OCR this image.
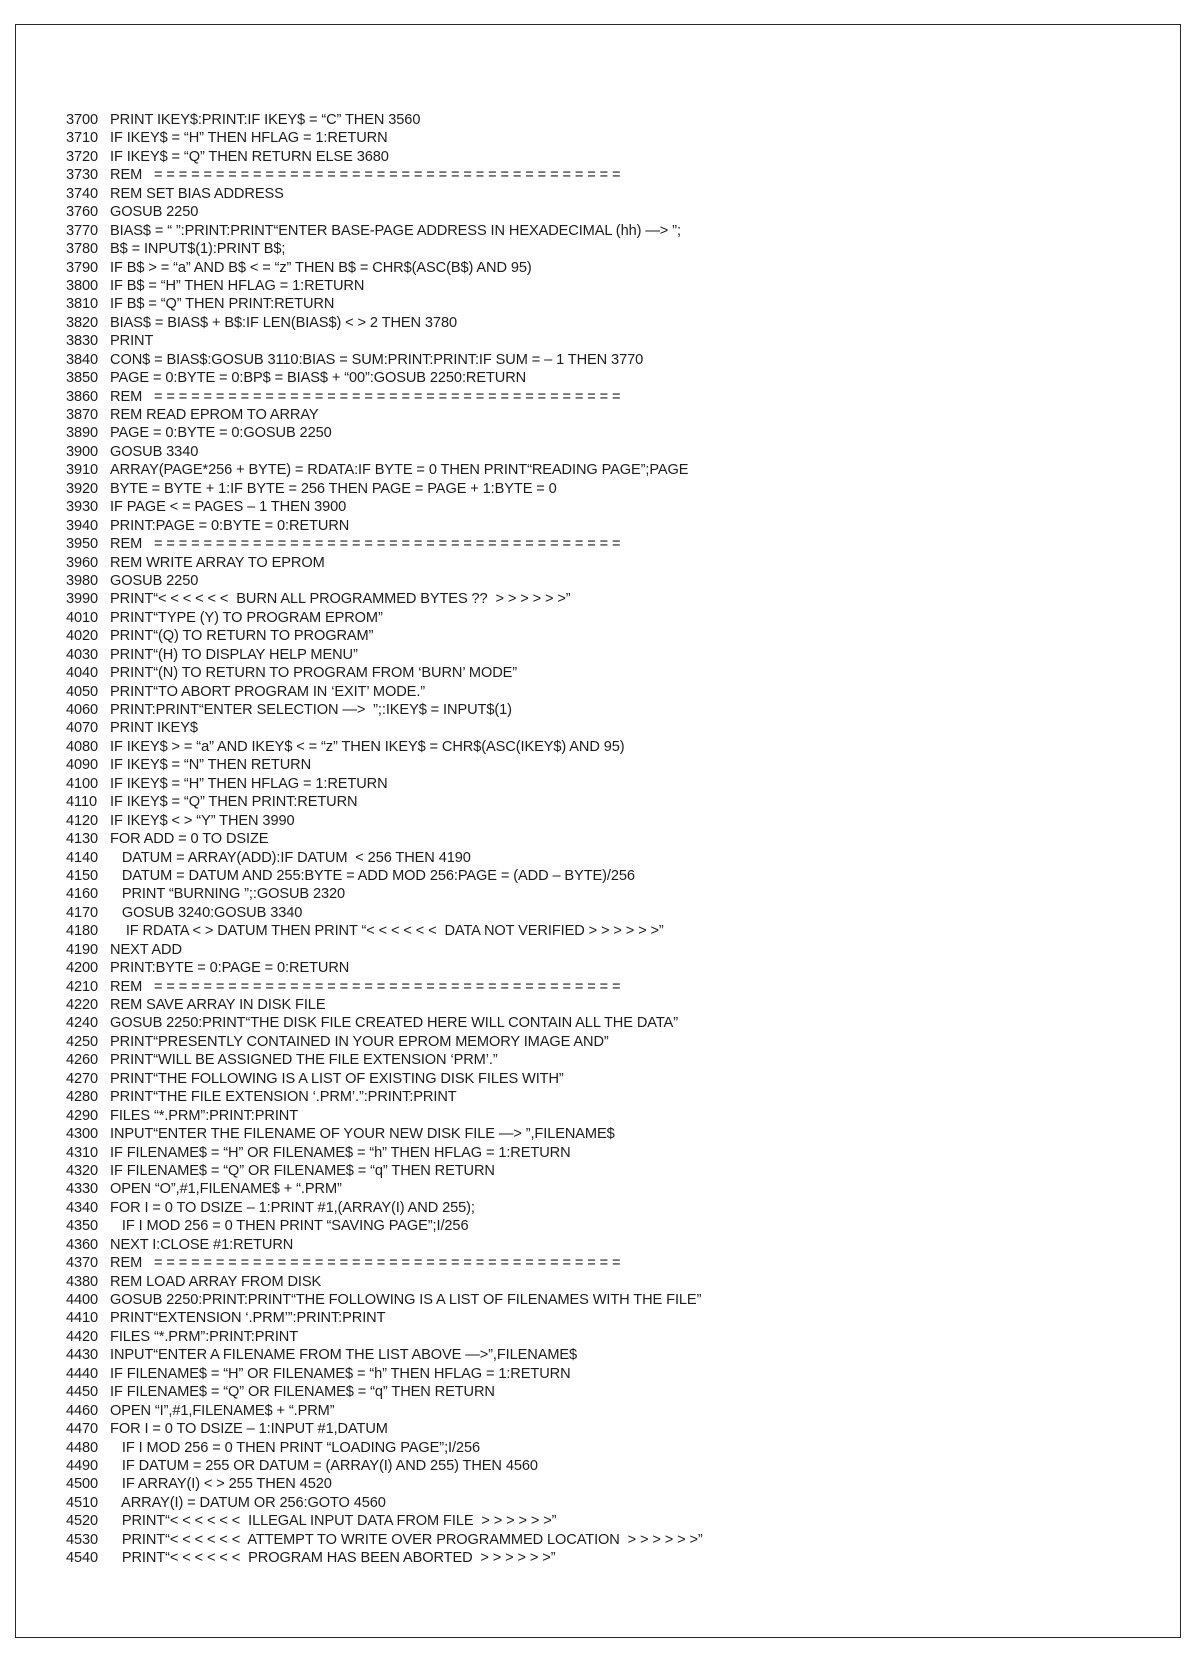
3700 PRINT IKEY$:PRINT:IF IKEY$ = “C” THEN 3560
3710 IF IKEY$ = “H” THEN HFLAG = 1:RETURN
3720 IF IKEY$ = “Q” THEN RETURN ELSE 3680
3730 REM   = = = = = = = = = = = = = = = = = = = = = = = = = = = = = = = = = = = = = =
3740 REM SET BIAS ADDRESS
3760 GOSUB 2250
3770 BIAS$ = “ ”:PRINT:PRINT“ENTER BASE-PAGE ADDRESS IN HEXADECIMAL (hh) —> ”;
3780 B$ = INPUT$(1):PRINT B$;
3790 IF B$ > = “a” AND B$ < = “z” THEN B$ = CHR$(ASC(B$) AND 95)
3800 IF B$ = “H” THEN HFLAG = 1:RETURN
3810 IF B$ = “Q” THEN PRINT:RETURN
3820 BIAS$ = BIAS$ + B$:IF LEN(BIAS$) < > 2 THEN 3780
3830 PRINT
3840 CON$ = BIAS$:GOSUB 3110:BIAS = SUM:PRINT:PRINT:IF SUM = – 1 THEN 3770
3850 PAGE = 0:BYTE = 0:BP$ = BIAS$ + “00”:GOSUB 2250:RETURN
3860 REM   = = = = = = = = = = = = = = = = = = = = = = = = = = = = = = = = = = = = = =
3870 REM READ EPROM TO ARRAY
3890 PAGE = 0:BYTE = 0:GOSUB 2250
3900 GOSUB 3340
3910 ARRAY(PAGE*256 + BYTE) = RDATA:IF BYTE = 0 THEN PRINT“READING PAGE”;PAGE
3920 BYTE = BYTE + 1:IF BYTE = 256 THEN PAGE = PAGE + 1:BYTE = 0
3930 IF PAGE < = PAGES – 1 THEN 3900
3940 PRINT:PAGE = 0:BYTE = 0:RETURN
3950 REM   = = = = = = = = = = = = = = = = = = = = = = = = = = = = = = = = = = = = = =
3960 REM WRITE ARRAY TO EPROM
3980 GOSUB 2250
3990 PRINT“< < < < < <  BURN ALL PROGRAMMED BYTES ??  > > > > > >”
4010 PRINT“TYPE (Y) TO PROGRAM EPROM”
4020 PRINT“(Q) TO RETURN TO PROGRAM”
4030 PRINT“(H) TO DISPLAY HELP MENU”
4040 PRINT“(N) TO RETURN TO PROGRAM FROM ‘BURN’ MODE”
4050 PRINT“TO ABORT PROGRAM IN ‘EXIT’ MODE.”
4060 PRINT:PRINT“ENTER SELECTION —>  ”;:IKEY$ = INPUT$(1)
4070 PRINT IKEY$
4080 IF IKEY$ > = “a” AND IKEY$ < = “z” THEN IKEY$ = CHR$(ASC(IKEY$) AND 95)
4090 IF IKEY$ = “N” THEN RETURN
4100 IF IKEY$ = “H” THEN HFLAG = 1:RETURN
4110 IF IKEY$ = “Q” THEN PRINT:RETURN
4120 IF IKEY$ < > “Y” THEN 3990
4130 FOR ADD = 0 TO DSIZE
4140 DATUM = ARRAY(ADD):IF DATUM  < 256 THEN 4190
4150 DATUM = DATUM AND 255:BYTE = ADD MOD 256:PAGE = (ADD – BYTE)/256
4160 PRINT “BURNING ”;:GOSUB 2320
4170 GOSUB 3240:GOSUB 3340
4180 IF RDATA < > DATUM THEN PRINT “< < < < < <  DATA NOT VERIFIED > > > > > >”
4190 NEXT ADD
4200 PRINT:BYTE = 0:PAGE = 0:RETURN
4210 REM   = = = = = = = = = = = = = = = = = = = = = = = = = = = = = = = = = = = = = =
4220 REM SAVE ARRAY IN DISK FILE
4240 GOSUB 2250:PRINT“THE DISK FILE CREATED HERE WILL CONTAIN ALL THE DATA”
4250 PRINT“PRESENTLY CONTAINED IN YOUR EPROM MEMORY IMAGE AND”
4260 PRINT“WILL BE ASSIGNED THE FILE EXTENSION ‘PRM’.”
4270 PRINT“THE FOLLOWING IS A LIST OF EXISTING DISK FILES WITH”
4280 PRINT“THE FILE EXTENSION ‘.PRM’.”:PRINT:PRINT
4290 FILES “*.PRM”:PRINT:PRINT
4300 INPUT“ENTER THE FILENAME OF YOUR NEW DISK FILE —> ”,FILENAME$
4310 IF FILENAME$ = “H” OR FILENAME$ = “h” THEN HFLAG = 1:RETURN
4320 IF FILENAME$ = “Q” OR FILENAME$ = “q” THEN RETURN
4330 OPEN “O”,#1,FILENAME$ + “.PRM”
4340 FOR I = 0 TO DSIZE – 1:PRINT #1,(ARRAY(I) AND 255);
4350 IF I MOD 256 = 0 THEN PRINT “SAVING PAGE”;I/256
4360 NEXT I:CLOSE #1:RETURN
4370 REM   = = = = = = = = = = = = = = = = = = = = = = = = = = = = = = = = = = = = = =
4380 REM LOAD ARRAY FROM DISK
4400 GOSUB 2250:PRINT:PRINT“THE FOLLOWING IS A LIST OF FILENAMES WITH THE FILE”
4410 PRINT“EXTENSION ‘.PRM’”:PRINT:PRINT
4420 FILES “*.PRM”:PRINT:PRINT
4430 INPUT“ENTER A FILENAME FROM THE LIST ABOVE —>”,FILENAME$
4440 IF FILENAME$ = “H” OR FILENAME$ = “h” THEN HFLAG = 1:RETURN
4450 IF FILENAME$ = “Q” OR FILENAME$ = “q” THEN RETURN
4460 OPEN “I”,#1,FILENAME$ + “.PRM”
4470 FOR I = 0 TO DSIZE – 1:INPUT #1,DATUM
4480 IF I MOD 256 = 0 THEN PRINT “LOADING PAGE”;I/256
4490 IF DATUM = 255 OR DATUM = (ARRAY(I) AND 255) THEN 4560
4500 IF ARRAY(I) < > 255 THEN 4520
4510 ARRAY(I) = DATUM OR 256:GOTO 4560
4520 PRINT“< < < < < <  ILLEGAL INPUT DATA FROM FILE  > > > > > >”
4530 PRINT“< < < < < <  ATTEMPT TO WRITE OVER PROGRAMMED LOCATION  > > > > > >”
4540 PRINT“< < < < < <  PROGRAM HAS BEEN ABORTED  > > > > > >”
